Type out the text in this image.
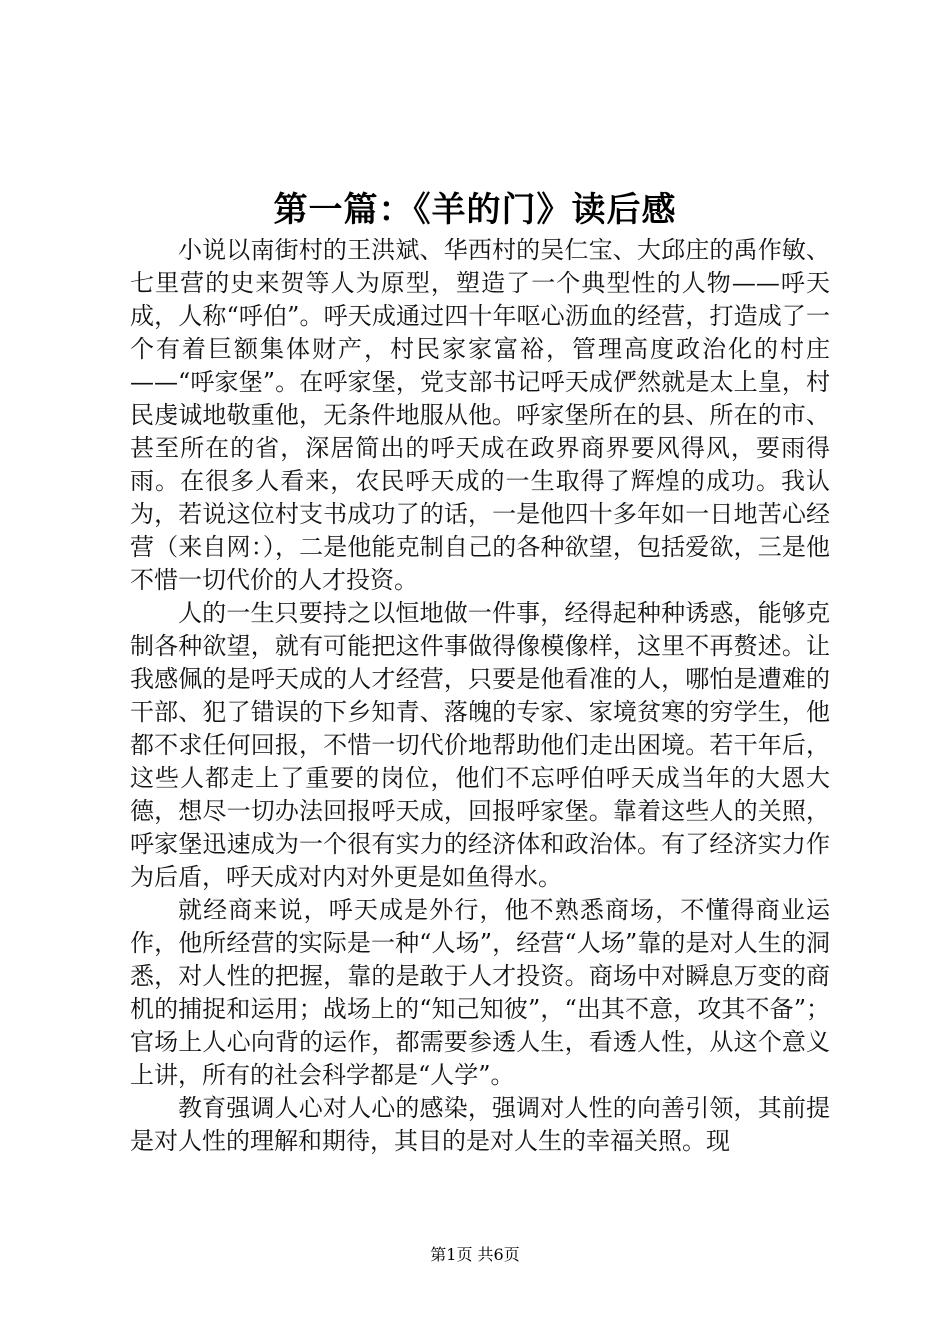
第一篇：《羊的门》读后感

小说以南街村的王洪斌、华西村的吴仁宝、大邱庄的禹作敏、七里营的史来贺等人为原型，塑造了一个典型性的人物——呼天成，人称“呼伯”。呼天成通过四十年呕心沥血的经营，打造成了一个有着巨额集体财产，村民家家富裕，管理高度政治化的村庄——“呼家堡”。在呼家堡，党支部书记呼天成俨然就是太上皇，村民虔诚地敬重他，无条件地服从他。呼家堡所在的县、所在的市、甚至所在的省，深居简出的呼天成在政界商界要风得风，要雨得雨。在很多人看来，农民呼天成的一生取得了辉煌的成功。我认为，若说这位村支书成功了的话，一是他四十多年如一日地苦心经营（来自网：），二是他能克制自己的各种欲望，包括爱欲，三是他不惜一切代价的人才投资。

人的一生只要持之以恒地做一件事，经得起种种诱惑，能够克制各种欲望，就有可能把这件事做得像模像样，这里不再赘述。让我感佩的是呼天成的人才经营，只要是他看准的人，哪怕是遭难的干部、犯了错误的下乡知青、落魄的专家、家境贫寒的穷学生，他都不求任何回报，不惜一切代价地帮助他们走出困境。若干年后，这些人都走上了重要的岗位，他们不忘呼伯呼天成当年的大恩大德，想尽一切办法回报呼天成，回报呼家堡。靠着这些人的关照，呼家堡迅速成为一个很有实力的经济体和政治体。有了经济实力作为后盾，呼天成对内对外更是如鱼得水。

就经商来说，呼天成是外行，他不熟悉商场，不懂得商业运作，他所经营的实际是一种“人场”，经营“人场”靠的是对人生的洞悉，对人性的把握，靠的是敢于人才投资。商场中对瞬息万变的商机的捕捉和运用；战场上的“知己知彼”，“出其不意，攻其不备”；官场上人心向背的运作，都需要参透人生，看透人性，从这个意义上讲，所有的社会科学都是“人学”。

教育强调人心对人心的感染，强调对人性的向善引领，其前提是对人性的理解和期待，其目的是对人生的幸福关照。现

第1页 共6页
